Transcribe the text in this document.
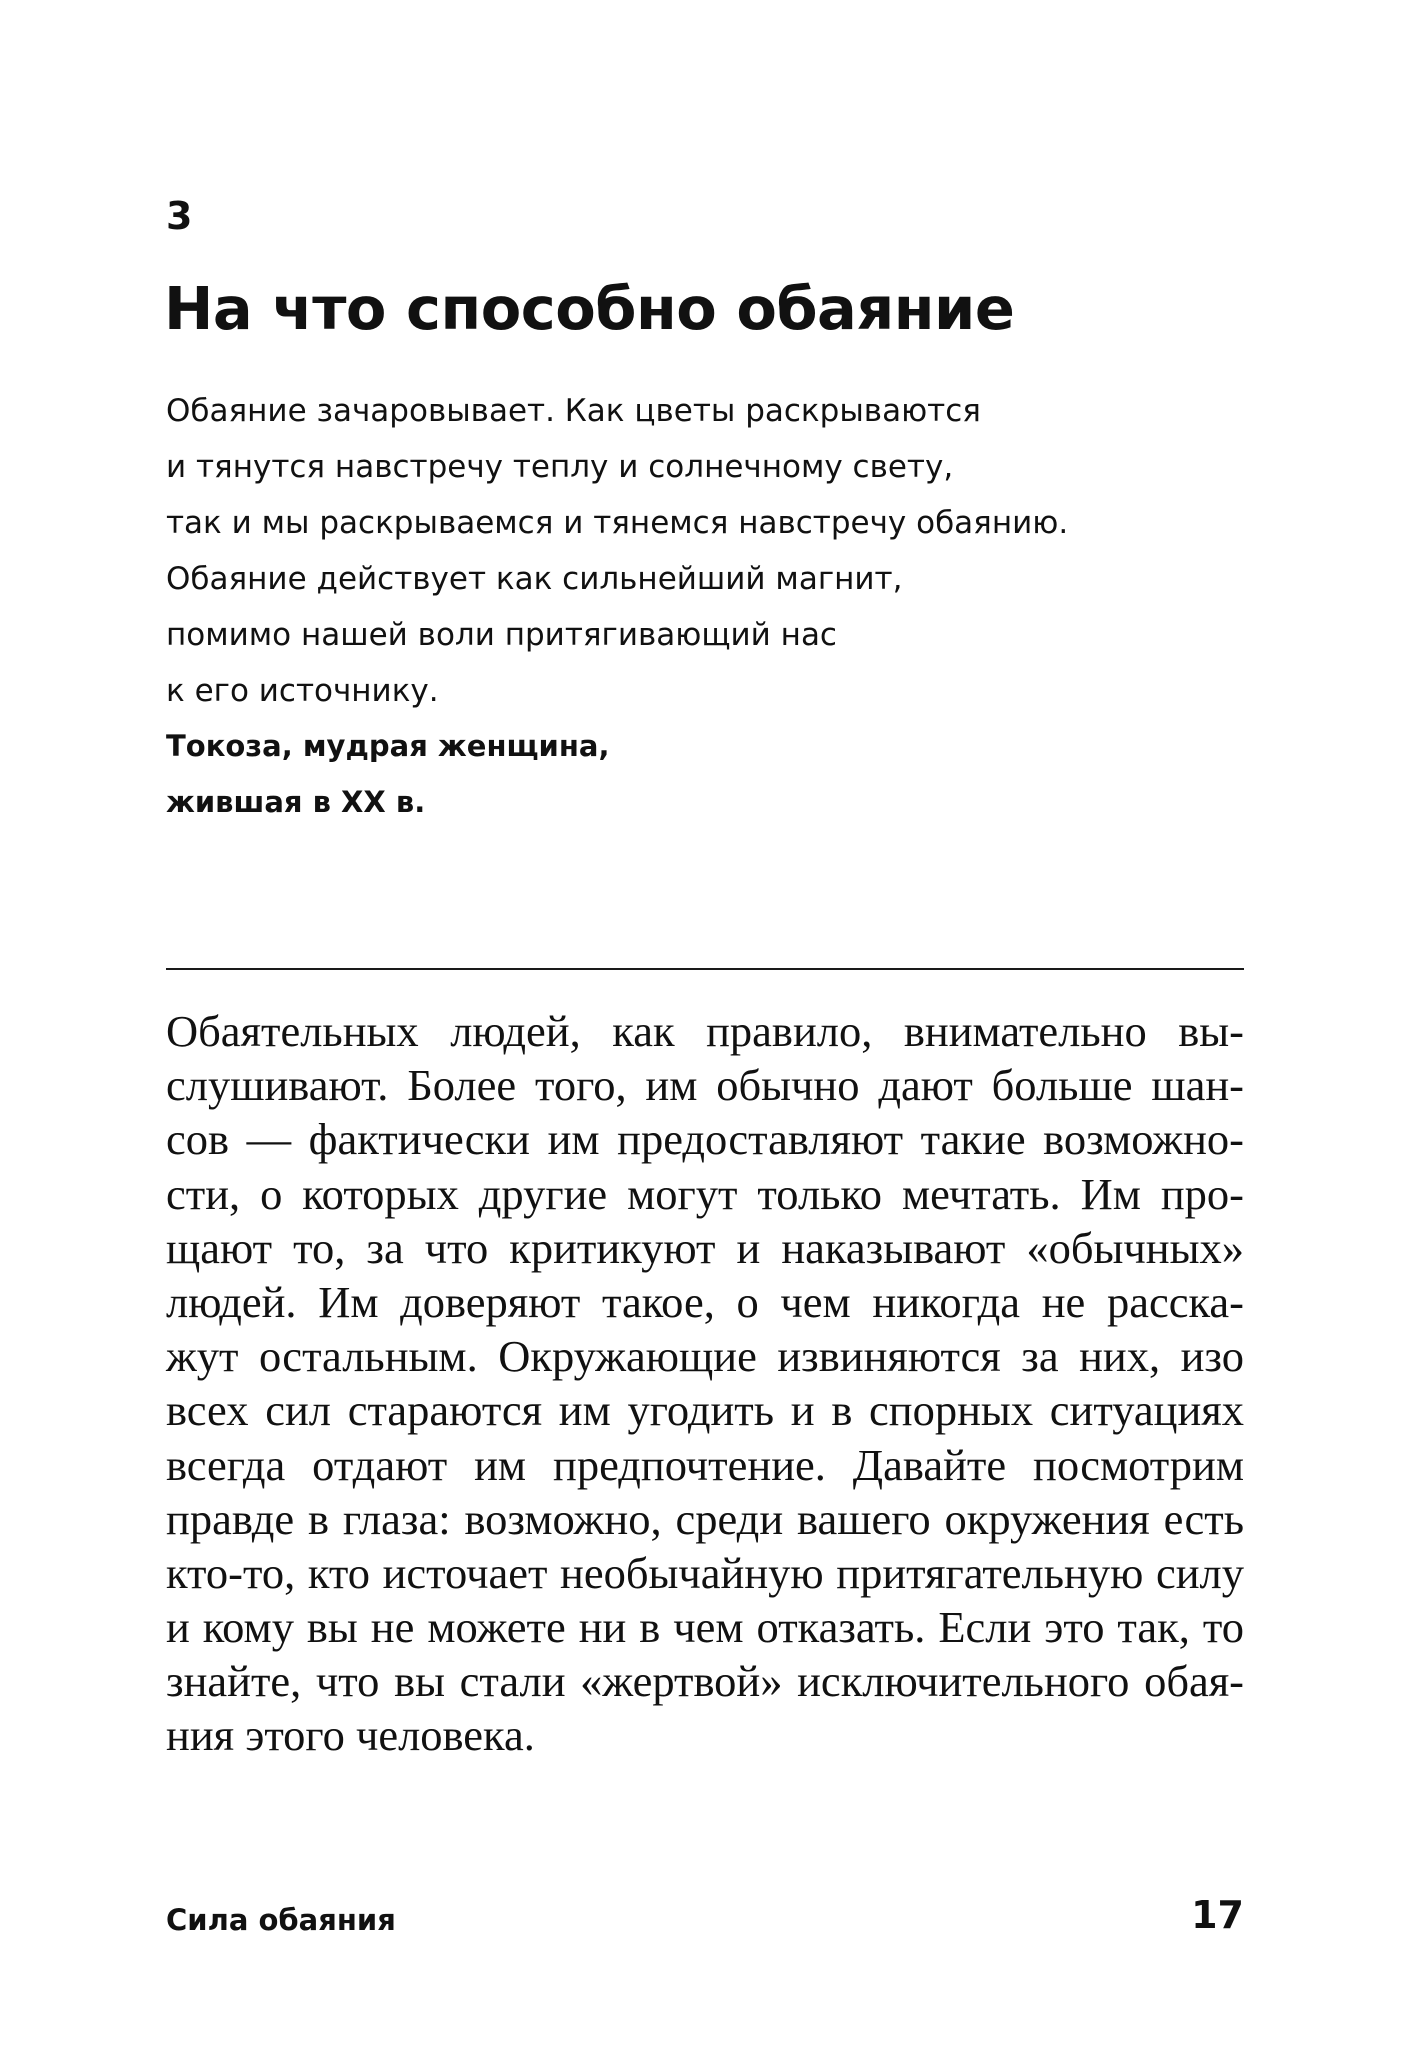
3
На что способно обаяние
Обаяние зачаровывает. Как цветы раскрываются
и тянутся навстречу теплу и солнечному свету,
так и мы раскрываемся и тянемся навстречу обаянию.
Обаяние действует как сильнейший магнит,
помимо нашей воли притягивающий нас
к его источнику.
Токоза, мудрая женщина,
жившая в XX в.
Обаятельных людей, как правило, внимательно вы-
слушивают. Более того, им обычно дают больше шан-
сов — фактически им предоставляют такие возможно-
сти, о которых другие могут только мечтать. Им про-
щают то, за что критикуют и наказывают «обычных»
людей. Им доверяют такое, о чем никогда не расска-
жут остальным. Окружающие извиняются за них, изо
всех сил стараются им угодить и в спорных ситуациях
всегда отдают им предпочтение. Давайте посмотрим
правде в глаза: возможно, среди вашего окружения есть
кто-то, кто источает необычайную притягательную силу
и кому вы не можете ни в чем отказать. Если это так, то
знайте, что вы стали «жертвой» исключительного обая-
ния этого человека.
Сила обаяния	17
